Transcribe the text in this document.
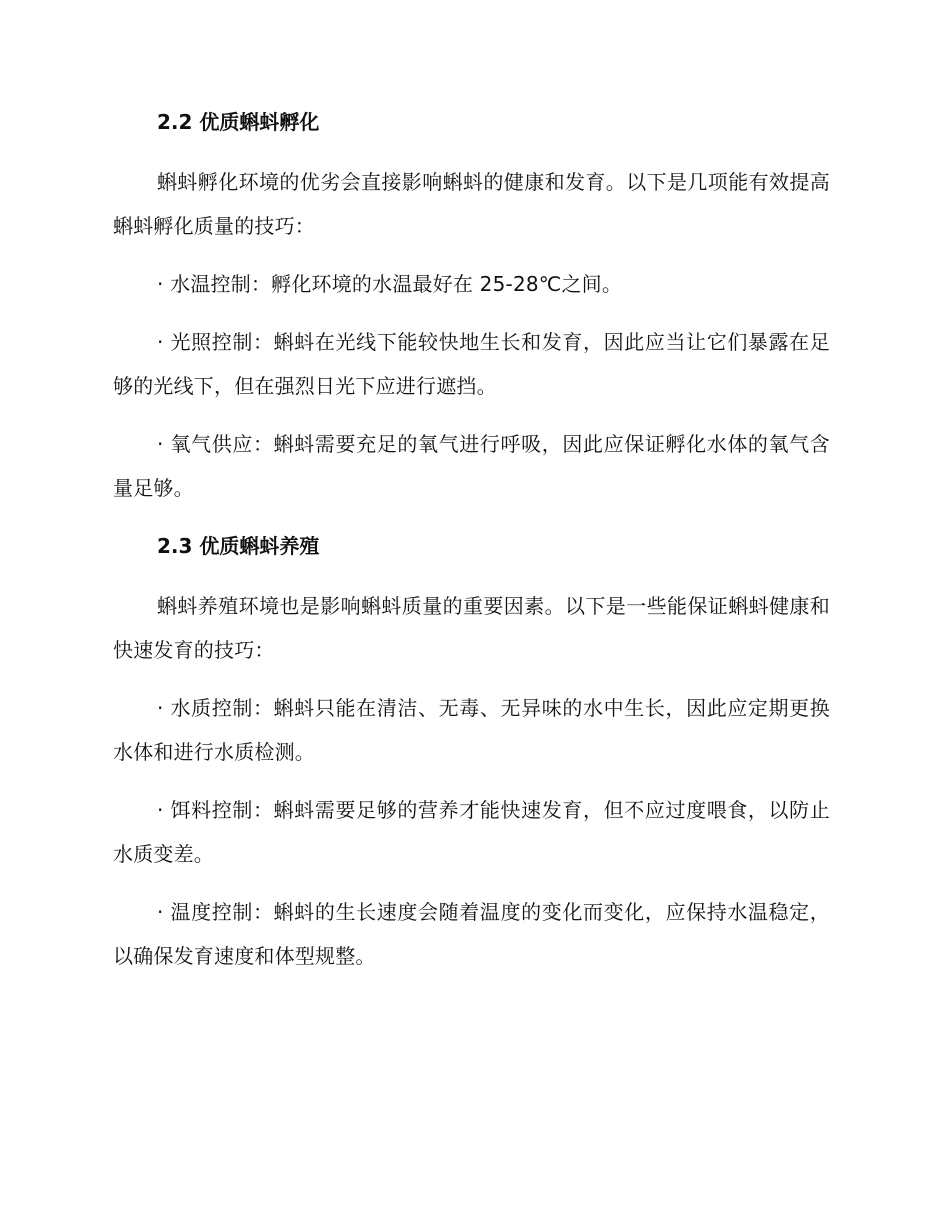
2.2 优质蝌蚪孵化

蝌蚪孵化环境的优劣会直接影响蝌蚪的健康和发育。以下是几项能有效提高蝌蚪孵化质量的技巧：

· 水温控制：孵化环境的水温最好在 25-28℃之间。

· 光照控制：蝌蚪在光线下能较快地生长和发育，因此应当让它们暴露在足够的光线下，但在强烈日光下应进行遮挡。

· 氧气供应：蝌蚪需要充足的氧气进行呼吸，因此应保证孵化水体的氧气含量足够。

2.3 优质蝌蚪养殖

蝌蚪养殖环境也是影响蝌蚪质量的重要因素。以下是一些能保证蝌蚪健康和快速发育的技巧：

· 水质控制：蝌蚪只能在清洁、无毒、无异味的水中生长，因此应定期更换水体和进行水质检测。

· 饵料控制：蝌蚪需要足够的营养才能快速发育，但不应过度喂食，以防止水质变差。

· 温度控制：蝌蚪的生长速度会随着温度的变化而变化，应保持水温稳定，以确保发育速度和体型规整。
